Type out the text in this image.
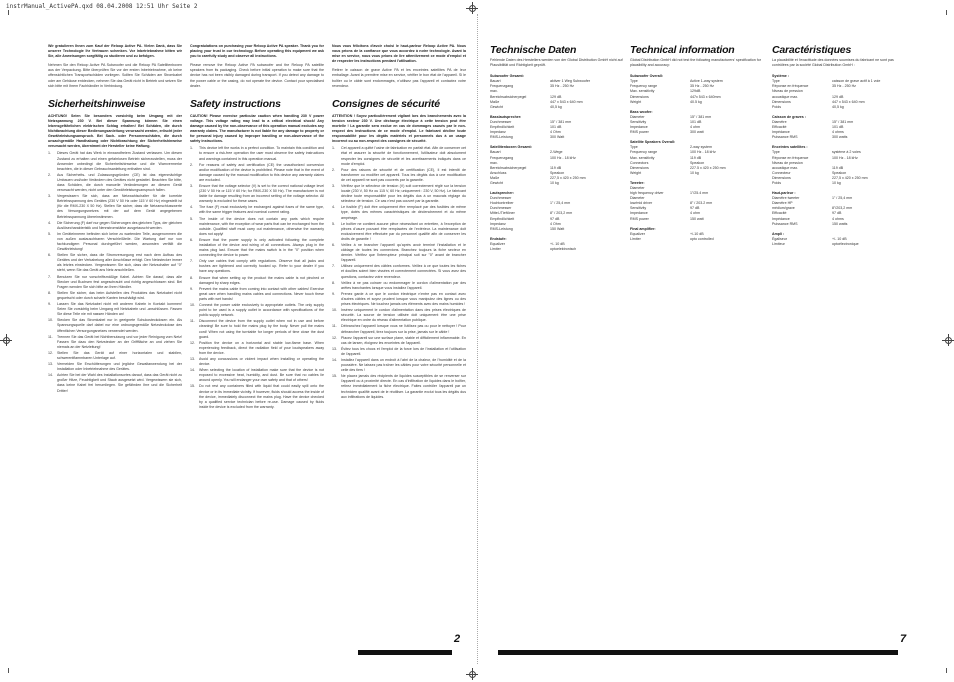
instrManual_ActivePA.qxd 08.04.2008 12:51 Uhr Seite 2

Wir gratulieren Ihnen zum Kauf der Reloop Active PA. Vielen Dank, dass Sie unserer Technologie Ihr Vertrauen schenken. Vor Inbetriebnahme bitten wir Sie, alle Anweisungen sorgfältig zu studieren und zu befolgen.

Nehmen Sie den Reloop Active PA Subwoofer und die Reloop PA Satellitenboxen aus der Verpackung. Bitte überprüfen Sie vor der ersten Inbetriebnahme, ob keine offensichtlichen Transportschäden vorliegen. Sollten Sie Schäden am Stromkabel oder am Gehäuse entdecken, nehmen Sie das Gerät nicht in Betrieb und setzen Sie sich bitte mit Ihrem Fachhändler in Verbindung.

Sicherheitshinweise

ACHTUNG! Seien Sie besonders vorsichtig beim Umgang mit der Netzspannung 230 V. Bei dieser Spannung können Sie einen lebensgefährlichen elektrischen Schlag erhalten! Bei Schäden, die durch Nichtbeachtung dieser Bedienungsanleitung verursacht werden, erlischt jeder Gewährleistungsanspruch. Bei Sach- oder Personenschäden, die durch unsachgemäße Handhabung oder Nichtbeachtung der Sicherheitshinweise verursacht werden, übernimmt der Hersteller keine Haftung.

1. Dieses Gerät hat das Werk in einwandfreiem Zustand verlassen. Um diesen Zustand zu erhalten und einen gefahrlosen Betrieb sicherzustellen, muss der Anwender unbedingt die Sicherheitshinweise und die Warnvermerke beachten, die in dieser Gebrauchsanleitung enthalten sind.
2. Aus Sicherheits- und Zulassungsgründen (CE) ist das eigenmächtige Umbauen und/oder Verändern des Gerätes nicht gestattet. Beachten Sie bitte, dass Schäden, die durch manuelle Veränderungen an diesem Gerät verursacht werden, nicht unter den Gewährleistungsanspruch fallen.
3. Vergewissern Sie sich, dass am Netzwahlschalter für die korrekte Betriebsspannung des Gerätes (230 V 50 Hz oder 115 V 60 Hz) eingestellt ist (für die RMX-230 X 50 Hz). Stellen Sie sicher, dass die Netzanschlusswerte des Versorgungsnetzes mit der auf dem Gerät angegebenen Betriebsspannung übereinstimmen.
4. Die Sicherung (F) darf nur gegen Sicherungen des gleichen Typs, der gleichen Auslösecharakteristik und Nennstromstärke ausgetauscht werden.
5. Im Geräteinneren befinden sich keine zu wartenden Teile, ausgenommen die von außen austauschbaren Verschleißteile. Die Wartung darf nur von fachkundigem Personal durchgeführt werden, ansonsten verfällt die Gewährleistung!
6. Stellen Sie sicher, dass die Stromversorgung erst nach dem Aufbau des Gerätes und der Verkabelung aller Anschlüsse erfolgt. Den Netzstecker immer als letztes einstecken. Vergewissern Sie sich, dass der Netzschalter auf "0" steht, wenn Sie das Gerät ans Netz anschließen.
7. Benutzen Sie nur vorschriftsmäßige Kabel. Achten Sie darauf, dass alle Stecker und Buchsen fest angeschraubt und richtig angeschlossen sind. Bei Fragen wenden Sie sich bitte an Ihren Händler.
8. Stellen Sie sicher, das beim Aufstellen des Produktes das Netzkabel nicht gequetscht oder durch scharfe Kanten beschädigt wird.
9. Lassen Sie das Netzkabel nicht mit anderen Kabeln in Kontakt kommen! Seien Sie vorsichtig beim Umgang mit Netzkabeln und -anschlüssen. Fassen Sie diese Teile nie mit nassen Händen an!
10. Stecken Sie das Stromkabel nur in geeignete Schukosteckdosen ein. Als Spannungsquelle darf dabei nur eine ordnungsgemäße Netzsteckdose des öffentlichen Versorgungsnetzes verwendet werden.
11. Trennen Sie das Gerät bei Nichtbenutzung und vor jeder Reinigung vom Netz! Fassen Sie dazu den Netzstecker an der Grifffläche an und ziehen Sie niemals an der Netzleitung!
12. Stellen Sie das Gerät auf einer horizontalen und stabilen, schwerentflammbaren Unterlage auf.
13. Vermeiden Sie Erschütterungen und jegliche Gewaltanwendung bei der Installation oder Inbetriebnahme des Gerätes.
14. Achten Sie bei der Wahl des Installationsortes darauf, dass das Gerät nicht zu großer Hitze, Feuchtigkeit und Staub ausgesetzt wird. Vergewissern sie sich, dass keine Kabel frei herumliegen. Sie gefährden Ihre und die Sicherheit Dritter!

Congratulations on purchasing your Reloop Active PA speaker. Thank you for placing your trust in our technology. Before operating this equipment we ask you to carefully study and observe all instructions.

Please remove the Reloop Active PA subwoofer and the Reloop PA satellite speakers from its packaging. Check before initial operation to make sure that the device has not been visibly damaged during transport. If you detect any damage to the power cable or the casing, do not operate the device. Contact your specialised dealer.

Safety instructions

CAUTION! Please exercise particular caution when handling 230 V power voltage. This voltage rating may lead to a critical electrical shock! Any damage caused by the non-observance of this operation manual excludes any warranty claims. The manufacturer is not liable for any damage to property or for personal injury caused by improper handling or non-observance of the safety instructions.

1. This device left the works in a perfect condition. To maintain this condition and to ensure a risk-free operation the user must observe the safety instructions and warnings contained in this operation manual.
2. For reasons of safety and certification (CE) the unauthorized conversion and/or modification of the device is prohibited. Please note that in the event of damage caused by the manual modification to this device any warranty claims are excluded.
3. Ensure that the voltage selector (V) is set to the correct national voltage level (230 V 50 Hz or 115 V 60 Hz; for RMX-230 X 50 Hz). The manufacturer is not liable for damage resulting from an incorrect setting of the voltage selector. All warranty is excluded for these cases.
4. The fuse (F) must exclusively be exchanged against fuses of the same type, with the same trigger features and nominal current rating.
5. The inside of the device does not contain any parts which require maintenance, with the exception of wear parts that can be exchanged from the outside. Qualified staff must carry out maintenance, otherwise the warranty does not apply!
6. Ensure that the power supply is only activated following the complete installation of the device and wiring of all connections. Always plug in the mains plug last. Ensure that the mains switch is in the "0" position when connecting the device to power.
7. Only use cables that comply with regulations. Observe that all jacks and bushes are tightened and correctly hooked up. Refer to your dealer if you have any questions.
8. Ensure that when setting up the product the mains cable is not pinched or damaged by sharp edges.
9. Prevent the mains cable from coming into contact with other cables! Exercise great care when handling mains cables and connections. Never touch these parts with wet hands!
10. Connect the power cable exclusively to appropriate outlets. The only supply point to be used is a supply outlet in accordance with specifications of the public supply network.
11. Disconnect the device from the supply outlet when not in use and before cleaning! Be sure to hold the mains plug by the body. Never pull the mains cord! When not using the turntable for longer periods of time close the dust guard.
12. Position the device on a horizontal and stable low-flame base. When experiencing feedback, direct the radiation field of your loudspeakers away from the device.
13. Avoid any concussions or violent impact when installing or operating the device.
14. When selecting the location of installation make sure that the device is not exposed to excessive heat, humidity, and dust. Be sure that no cables lie around openly. You will endanger your own safety and that of others!
15. Do not rest any containers filled with liquid that could easily spill onto the device or in its immediate vicinity. If however, fluids should access the inside of the device, immediately disconnect the mains plug. Have the device checked by a qualified service technician before re-use. Damage caused by fluids inside the device is excluded from the warranty.

Nous vous félicitons d'avoir choisi le haut-parleur Reloop Active PA. Nous vous prions de la confiance que vous accordez à notre technologie. Avant la mise en service, nous vous prions de lire attentivement ce mode d'emploi et de respecter les instructions pendant l'utilisation.

Retirer le caisson de grave Active PA et les enceintes satellites PA de leur emballage. Avant la première mise en service, vérifier le bon état de l'appareil. Si le boîtier ou le câble sont endommagés, n'utilisez pas l'appareil et contactez votre revendeur.

Consignes de sécurité

ATTENTION ! Soyez particulièrement vigilant lors des branchements avec la tension secteur 230 V. Une décharge électrique à cette tension peut être mortelle ! La garantie sera exclue en cas de dommages causés par le non-respect des instructions de ce mode d'emploi. Le fabricant décline toute responsabilité pour les dégâts matériels et personnels dus à un usage incorrect ou au non-respect des consignes de sécurité.

1. Cet appareil a quitté l'usine de fabrication en parfait état. Afin de conserver cet état et assurer la sécurité de fonctionnement, l'utilisateur doit absolument respecter les consignes de sécurité et les avertissements indiqués dans ce mode d'emploi.
2. Pour des raisons de sécurité et de certification (CE), il est interdit de transformer ou modifier cet appareil. Tous les dégâts dus à une modification de cet appareil ne sont pas couverts par la garantie.
3. Vérifiez que le sélecteur de tension (V) soit correctement réglé sur la tension locale (230 V, 50 Hz ou 115 V, 60 Hz; uniquement : 230 V, 50 Hz). Le fabricant décline toute responsabilité pour les dégâts dus à un mauvais réglage du sélecteur de tension. Ce cas n'est pas couvert par la garantie.
4. Le fusible (F) doit être uniquement être remplacé par des fusibles de même type, dotés des mêmes caractéristiques de déclenchement et du même ampérage.
5. Le boîtier ne contient aucune pièce nécessitant un entretien, à l'exception de pièces d'usure pouvant être remplacées de l'extérieur. La maintenance doit exclusivement être effectuée par du personnel qualifié afin de conserver les droits de garantie !
6. Veillez à ne brancher l'appareil qu'après avoir terminé l'installation et le câblage de toutes les connexions. Branchez toujours la fiche secteur en dernier. Vérifiez que l'interrupteur principal soit sur "0" avant de brancher l'appareil.
7. Utilisez uniquement des câbles conformes. Veillez à ce que toutes les fiches et douilles soient bien vissées et correctement connectées. Si vous avez des questions, contactez votre revendeur.
8. Veillez à ne pas coincer ou endommager le cordon d'alimentation par des arêtes tranchantes lorsque vous installez l'appareil.
9. Prenez garde à ce que le cordon électrique n'entre pas en contact avec d'autres câbles et soyez prudent lorsque vous manipulez des lignes ou des prises électriques. Ne touchez jamais ces éléments avec des mains humides !
10. Insérez uniquement le cordon d'alimentation dans des prises électriques de sécurité. La source de tension utilisée doit uniquement être une prise électrique en ordre du réseau d'alimentation publique.
11. Débranchez l'appareil lorsque vous ne l'utilisez pas ou pour le nettoyer ! Pour débrancher l'appareil, tirez toujours sur la prise, jamais sur le câble !
12. Placez l'appareil sur une surface plane, stable et difficilement inflammable. En cas de larsen, éloignez les enceintes de l'appareil.
13. Évitez tous les chocs et l'emploi de la force lors de l'installation et l'utilisation de l'appareil.
14. Installez l'appareil dans un endroit à l'abri de la chaleur, de l'humidité et de la poussière. Ne laissez pas traîner les câbles pour votre sécurité personnelle et celle des tiers !
15. Ne placez jamais des récipients de liquides susceptibles de se renverser sur l'appareil ou à proximité directe. En cas d'infiltration de liquides dans le boîtier, retirez immédiatement la fiche électrique. Faites contrôler l'appareil par un technicien qualifié avant de le réutiliser. La garantie exclut tous les dégâts dus aux infiltrations de liquides.
2
Technische Daten

Fehlende Daten des Herstellers werden von der Global Distribution GmbH nicht auf Plausibilität und Richtigkeit geprüft.

Subwoofer Gesamt:
Bauart	aktiver 1 Weg Subwoofer
Frequenzgang	35 Hz - 250 Hz
max.
Bereichsabsicherpegel	129 dB
Maße	447 x 543 x 640 mm
Gewicht	40,5 kg
Basslautsprecher:
Durchmesser	15" / 381 mm
Empfindlichkeit	101 dB
Impedanz	4 Ohm
RMS-Leistung	300 Watt
Satellitenboxen Gesamt:
Bauart	2-Wege
Frequenzgang	100 Hz - 18 kHz
max.
Bereichsabsicherpegel	119 dB
Anschluss	Speakon
Maße	227,5 x 420 x 250 mm
Gewicht	10 kg
Lautsprecher:
Durchmesser
Hochtontreiber	1" / 25,4 mm
Durchmesser
Mittel-/Tieftöner	8" / 203,2 mm
Empfindlichkeit	97 dB
Impedanz	4 Ohm
RMS-Leistung	150 Watt
Endstufe:
Equalizer	+/- 10 dB
Limiter	optoelektronisch
Technical information

Global Distribution GmbH did not test the following manufacturers' specification for plausibility and accuracy:

Subwoofer Overall:
Type	Active 1-way system
Frequency range	35 Hz - 250 Hz
Max. sensitivity	129dB
Dimensions	447x 543 x 640mm
Weight	40.5 kg
Bass woofer:
Diameter	15" / 381 mm
Sensitivity	101 dB
Impedance	4 ohm
RMS power	300 watt
Satellite Speakers Overall:
Type	2-way system
Frequency range	100 Hz - 18 kHz
Max. sensitivity	119 dB
Connectors	Speakon
Dimensions	227.5 x 420 x 250 mm
Weight	10 kg
Tweeter:
Diameter
high frequency driver	1"/25.4 mm
Diameter
low/mid driver	8" / 203.2 mm
Sensitivity	97 dB
Impedance	4 ohm
RMS power	150 watt
Final amplifier:
Equalizer	+/-10 dB
Limiter	opto controlled
Caractéristiques

La plausibilité et l'exactitude des données soumises du fabricant ne sont pas contrôlées par la société Global Distribution GmbH :

Système :
Type	caisson de grave actif à 1 voie
Réponse en fréquence	35 Hz - 250 Hz
Niveau de pression
acoustique max.	129 dB
Dimensions	447 x 543 x 640 mm
Poids	40,5 kg
Caisson de graves :
Diamètre	15" / 381 mm
Efficacité	101 dB
Impédance	4 ohms
Puissance RMS	300 watts
Enceintes satellites :
Type	système à 2 voies
Réponse en fréquence	100 Hz - 18 kHz
Niveau de pression
acoustique max.	119 dB
Connecteur	Speakon
Dimensions	227,5 x 420 x 250 mm
Poids	10 kg
Haut-parleur :
Diamètre tweeter	1" / 25,4 mm
Diamètre HP
médium/grave	8"/203,2 mm
Efficacité	97 dB
Impédance	4 ohms
Puissance RMS	150 watts
Ampli :
Égaliseur	+/- 10 dB
Limiteur	optoélectronique
7
